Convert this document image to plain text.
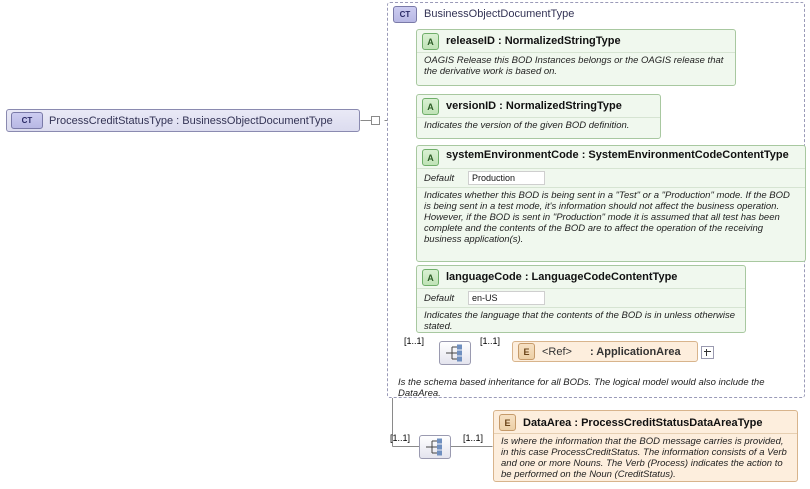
CT	ProcessCreditStatusType : BusinessObjectDocumentType
CT	BusinessObjectDocumentType
A	releaseID : NormalizedStringType
OAGIS Release this BOD Instances belongs or the OAGIS release that the derivative work is based on.
A	versionID : NormalizedStringType
Indicates the version of the given BOD definition.
A	systemEnvironmentCode : SystemEnvironmentCodeContentType
Default	Production
Indicates whether this BOD is being sent in a "Test" or a "Production" mode. If the BOD is being sent in a test mode, it's information should not affect the business operation. However, if the BOD is sent in "Production" mode it is assumed that all test has been complete and the contents of the BOD are to affect the operation of the receiving business application(s).
A	languageCode : LanguageCodeContentType
Default	en-US
Indicates the language that the contents of the BOD is in unless otherwise stated.
E	<Ref> : ApplicationArea
Is the schema based inheritance for all BODs. The logical model would also include the DataArea.
[1..1]	[1..1]
[1..1]	[1..1]
E	DataArea : ProcessCreditStatusDataAreaType
Is where the information that the BOD message carries is provided, in this case ProcessCreditStatus. The information consists of a Verb and one or more Nouns. The Verb (Process) indicates the action to be performed on the Noun (CreditStatus).
